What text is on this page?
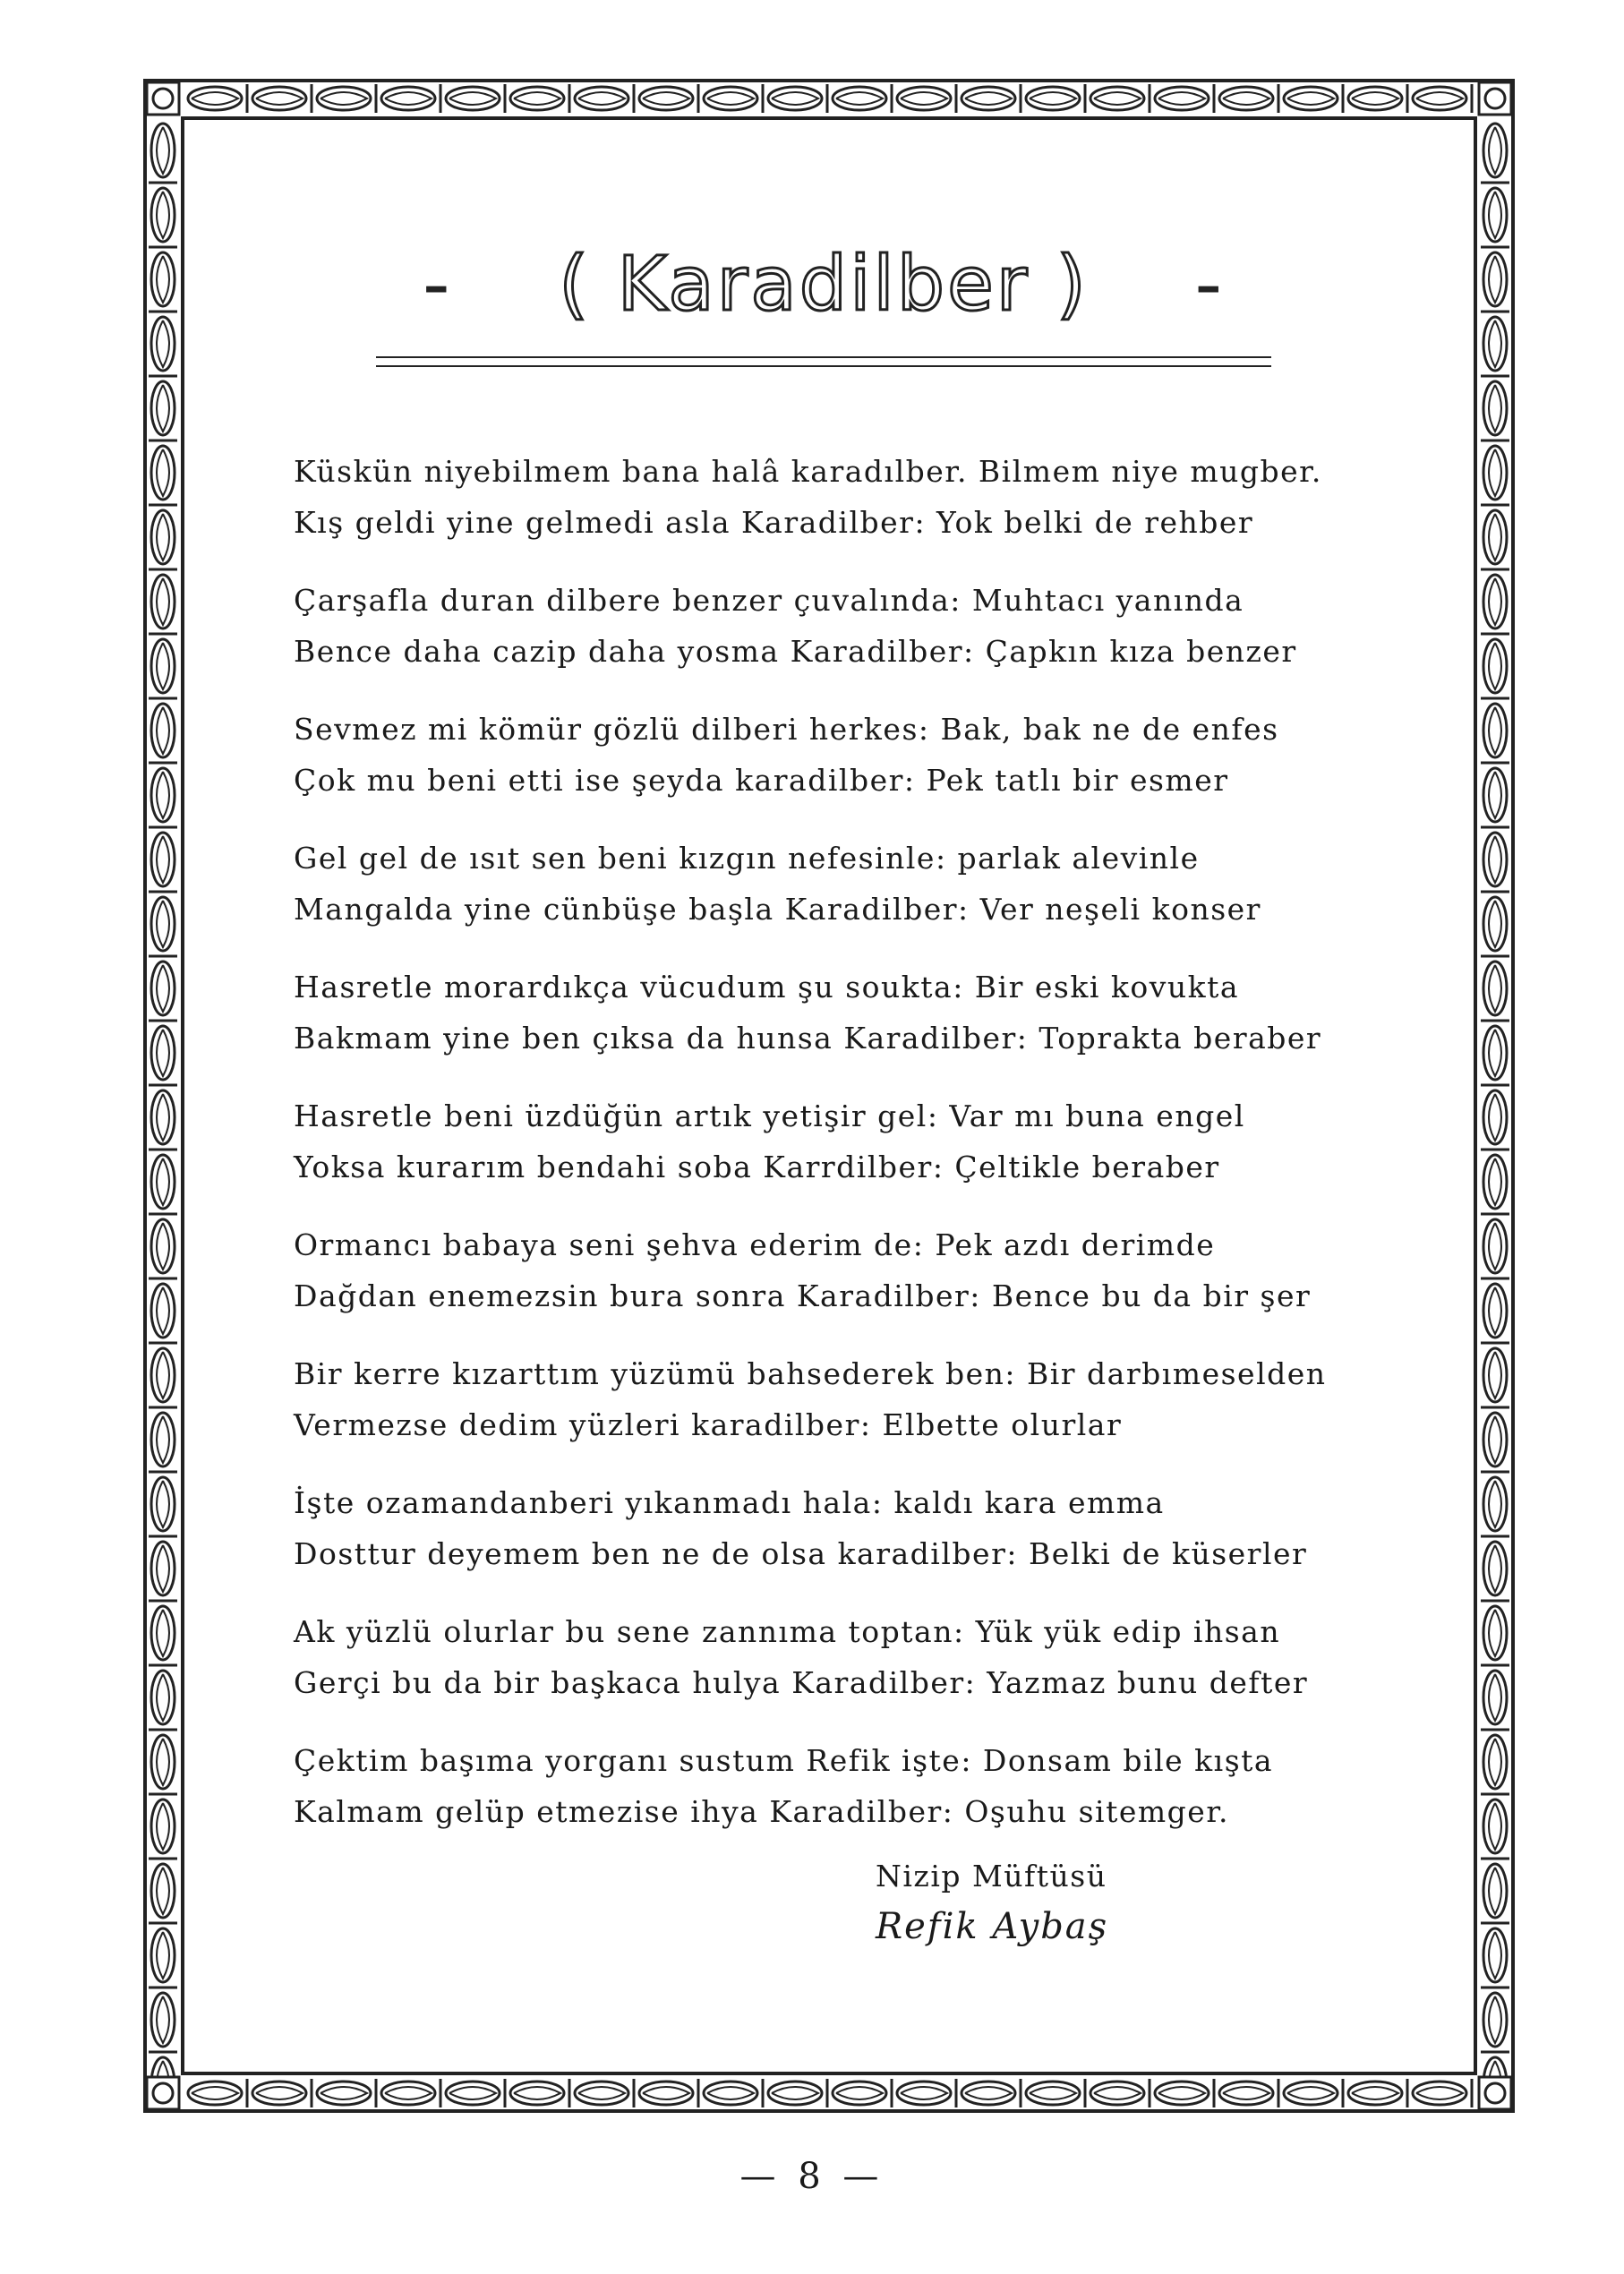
- ( Karadilber ) -
Küskün niyebilmem bana halâ karadılber. Bilmem niye mugber.
Kış geldi yine gelmedi asla Karadilber: Yok belki de rehber
Çarşafla duran dilbere benzer çuvalında: Muhtacı yanında
Bence daha cazip daha yosma Karadilber: Çapkın kıza benzer
Sevmez mi kömür gözlü dilberi herkes: Bak, bak ne de enfes
Çok mu beni etti ise şeyda karadilber: Pek tatlı bir esmer
Gel gel de ısıt sen beni kızgın nefesinle: parlak alevinle
Mangalda yine cünbüşe başla Karadilber: Ver neşeli konser
Hasretle morardıkça vücudum şu soukta: Bir eski kovukta
Bakmam yine ben çıksa da hunsa Karadilber: Toprakta beraber
Hasretle beni üzdüğün artık yetişir gel: Var mı buna engel
Yoksa kurarım bendahi soba Karrdilber: Çeltikle beraber
Ormancı babaya seni şehva ederim de: Pek azdı derimde
Dağdan enemezsin bura sonra Karadilber: Bence bu da bir şer
Bir kerre kızarttım yüzümü bahsederek ben: Bir darbımeselden
Vermezse dedim yüzleri karadilber: Elbette olurlar
İşte ozamandanberi yıkanmadı hala: kaldı kara emma
Dosttur deyemem ben ne de olsa karadilber: Belki de küserler
Ak yüzlü olurlar bu sene zannıma toptan: Yük yük edip ihsan
Gerçi bu da bir başkaca hulya Karadilber: Yazmaz bunu defter
Çektim başıma yorganı sustum Refik işte: Donsam bile kışta
Kalmam gelüp etmezise ihya Karadilber: Oşuhu sitemger.
Nizip Müftüsü
Refik Aybaş
— 8 —
